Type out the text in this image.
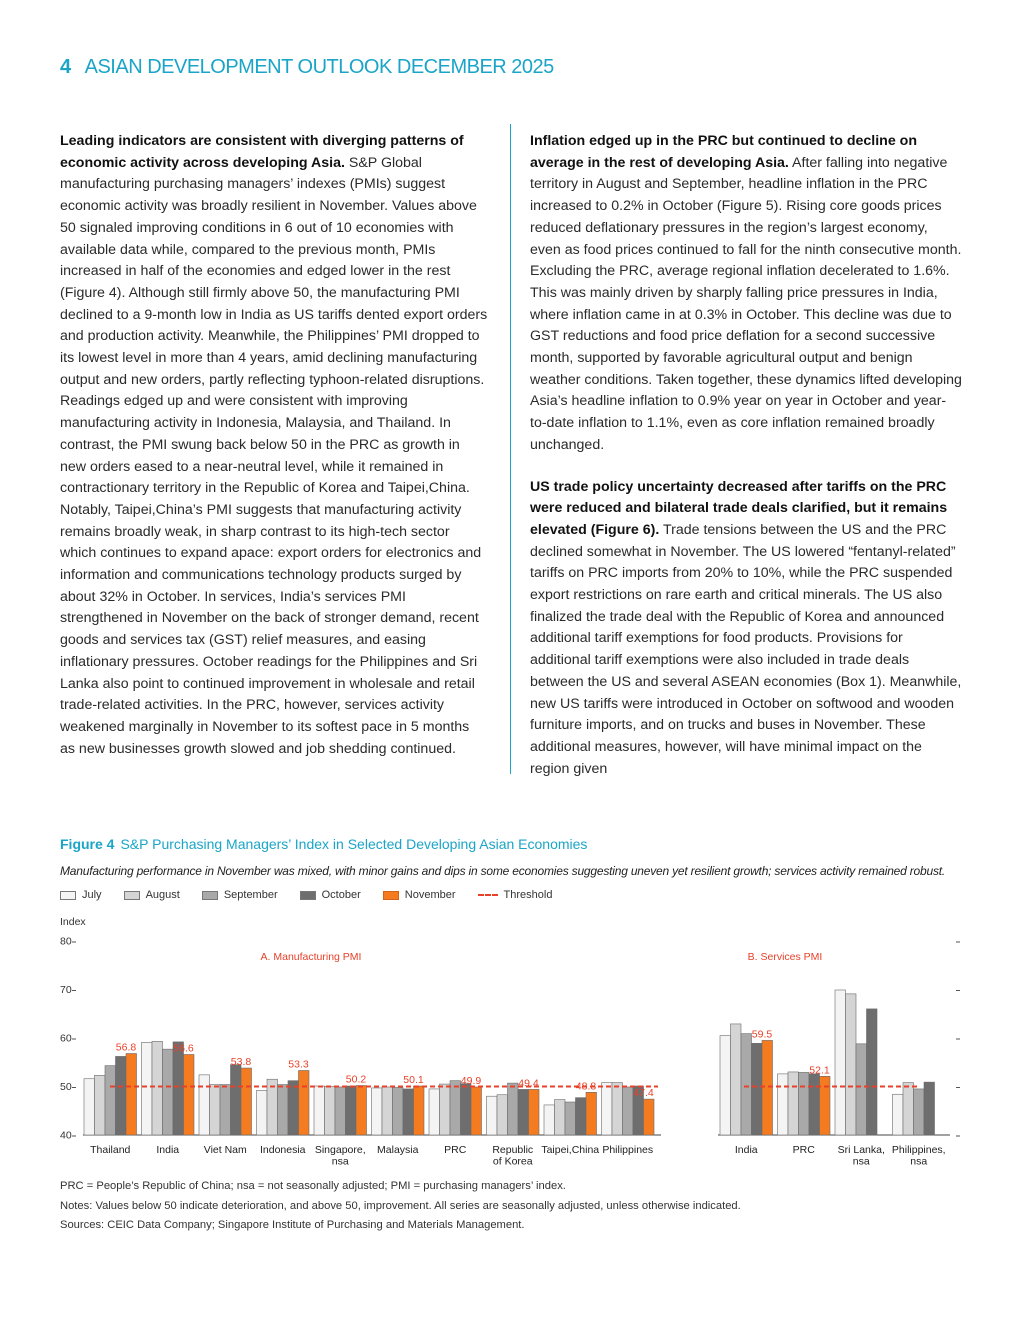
4 ASIAN DEVELOPMENT OUTLOOK DECEMBER 2025

Leading indicators are consistent with diverging patterns of economic activity across developing Asia. S&P Global manufacturing purchasing managers’ indexes (PMIs) suggest economic activity was broadly resilient in November. Values above 50 signaled improving conditions in 6 out of 10 economies with available data while, compared to the previous month, PMIs increased in half of the economies and edged lower in the rest (Figure 4). Although still firmly above 50, the manufacturing PMI declined to a 9-month low in India as US tariffs dented export orders and production activity. Meanwhile, the Philippines’ PMI dropped to its lowest level in more than 4 years, amid declining manufacturing output and new orders, partly reflecting typhoon-related disruptions. Readings edged up and were consistent with improving manufacturing activity in Indonesia, Malaysia, and Thailand. In contrast, the PMI swung back below 50 in the PRC as growth in new orders eased to a near-neutral level, while it remained in contractionary territory in the Republic of Korea and Taipei,China. Notably, Taipei,China’s PMI suggests that manufacturing activity remains broadly weak, in sharp contrast to its high-tech sector which continues to expand apace: export orders for electronics and information and communications technology products surged by about 32% in October. In services, India’s services PMI strengthened in November on the back of stronger demand, recent goods and services tax (GST) relief measures, and easing inflationary pressures. October readings for the Philippines and Sri Lanka also point to continued improvement in wholesale and retail trade-related activities. In the PRC, however, services activity weakened marginally in November to its softest pace in 5 months as new businesses growth slowed and job shedding continued.

Inflation edged up in the PRC but continued to decline on average in the rest of developing Asia. After falling into negative territory in August and September, headline inflation in the PRC increased to 0.2% in October (Figure 5). Rising core goods prices reduced deflationary pressures in the region’s largest economy, even as food prices continued to fall for the ninth consecutive month. Excluding the PRC, average regional inflation decelerated to 1.6%. This was mainly driven by sharply falling price pressures in India, where inflation came in at 0.3% in October. This decline was due to GST reductions and food price deflation for a second successive month, supported by favorable agricultural output and benign weather conditions. Taken together, these dynamics lifted developing Asia’s headline inflation to 0.9% year on year in October and year-to-date inflation to 1.1%, even as core inflation remained broadly unchanged.

US trade policy uncertainty decreased after tariffs on the PRC were reduced and bilateral trade deals clarified, but it remains elevated (Figure 6). Trade tensions between the US and the PRC declined somewhat in November. The US lowered “fentanyl-related” tariffs on PRC imports from 20% to 10%, while the PRC suspended export restrictions on rare earth and critical minerals. The US also finalized the trade deal with the Republic of Korea and announced additional tariff exemptions for food products. Provisions for additional tariff exemptions were also included in trade deals between the US and several ASEAN economies (Box 1). Meanwhile, new US tariffs were introduced in October on softwood and wooden furniture imports, and on trucks and buses in November. These additional measures, however, will have minimal impact on the region given

Figure 4 S&P Purchasing Managers’ Index in Selected Developing Asian Economies
Manufacturing performance in November was mixed, with minor gains and dips in some economies suggesting uneven yet resilient growth; services activity remained robust.
July	August	September	October	November	Threshold
Index
80
70
60
50
40
A. Manufacturing PMI
56.8
Thailand
56.6
India
53.8
Viet Nam
53.3
Indonesia
50.2
Singapore,
nsa
50.1
Malaysia
49.9
PRC
49.4
Republic
of Korea
48.8
Taipei,China
47.4
Philippines
B. Services PMI
59.5
India
52.1
PRC Sri Lanka,
nsa
Philippines,
nsa
PRC = People’s Republic of China; nsa = not seasonally adjusted; PMI = purchasing managers’ index.
Notes: Values below 50 indicate deterioration, and above 50, improvement. All series are seasonally adjusted, unless otherwise indicated.
Sources: CEIC Data Company; Singapore Institute of Purchasing and Materials Management.
